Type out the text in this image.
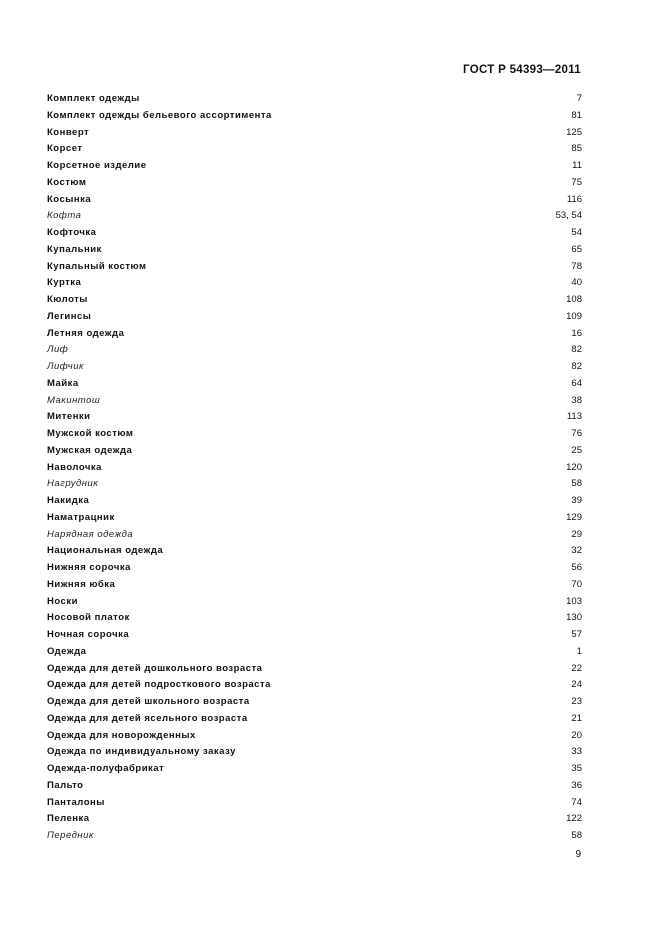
ГОСТ Р 54393—2011
Комплект одежды	7
Комплект одежды бельевого ассортимента	81
Конверт	125
Корсет	85
Корсетное изделие	11
Костюм	75
Косынка	116
Кофта	53, 54
Кофточка	54
Купальник	65
Купальный костюм	78
Куртка	40
Кюлоты	108
Легинсы	109
Летняя одежда	16
Лиф	82
Лифчик	82
Майка	64
Макинтош	38
Митенки	113
Мужской костюм	76
Мужская одежда	25
Наволочка	120
Нагрудник	58
Накидка	39
Наматрацник	129
Нарядная одежда	29
Национальная одежда	32
Нижняя сорочка	56
Нижняя юбка	70
Носки	103
Носовой платок	130
Ночная сорочка	57
Одежда	1
Одежда для детей дошкольного возраста	22
Одежда для детей подросткового возраста	24
Одежда для детей школьного возраста	23
Одежда для детей ясельного возраста	21
Одежда для новорожденных	20
Одежда по индивидуальному заказу	33
Одежда-полуфабрикат	35
Пальто	36
Панталоны	74
Пеленка	122
Передник	58
9
